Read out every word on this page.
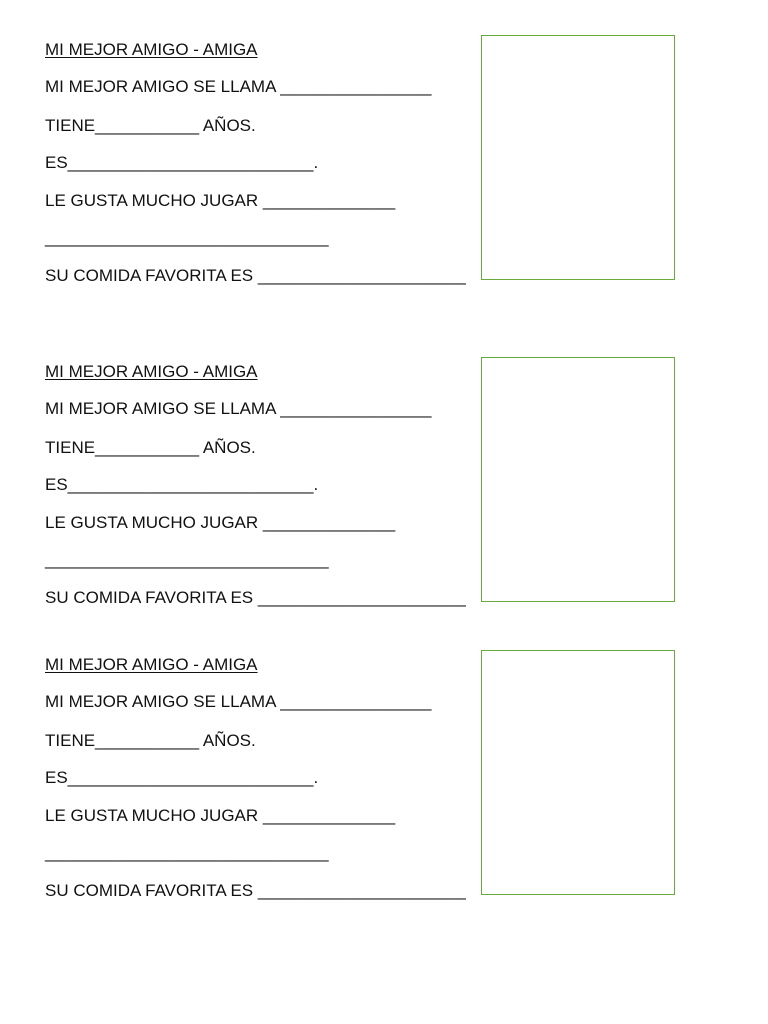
MI MEJOR AMIGO - AMIGA
MI MEJOR AMIGO SE LLAMA ________________
TIENE___________ AÑOS.
ES__________________________.
LE GUSTA MUCHO JUGAR ______________
______________________________
SU COMIDA FAVORITA ES ______________________
MI MEJOR AMIGO - AMIGA
MI MEJOR AMIGO SE LLAMA ________________
TIENE___________ AÑOS.
ES__________________________.
LE GUSTA MUCHO JUGAR ______________
______________________________
SU COMIDA FAVORITA ES ______________________
MI MEJOR AMIGO - AMIGA
MI MEJOR AMIGO SE LLAMA ________________
TIENE___________ AÑOS.
ES__________________________.
LE GUSTA MUCHO JUGAR ______________
______________________________
SU COMIDA FAVORITA ES ______________________
